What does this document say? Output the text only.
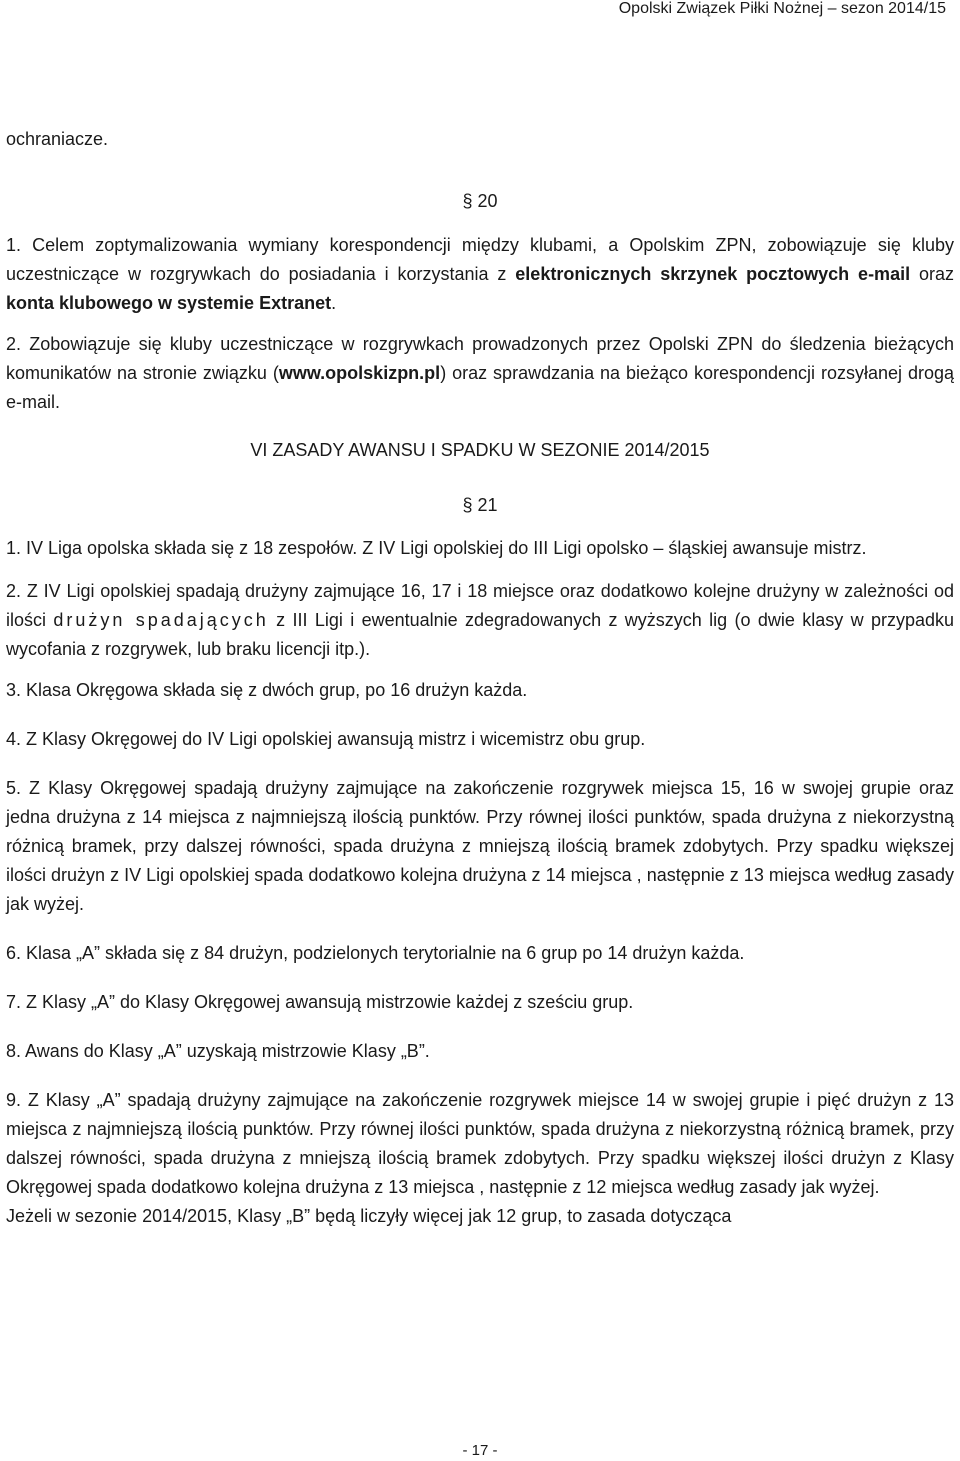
Opolski Związek Piłki Nożnej – sezon 2014/15

ochraniacze.

§ 20

1. Celem zoptymalizowania wymiany korespondencji między klubami, a Opolskim ZPN, zobowiązuje się kluby uczestniczące w rozgrywkach do posiadania i korzystania z elektronicznych skrzynek pocztowych e-mail oraz konta klubowego w systemie Extranet.

2. Zobowiązuje się kluby uczestniczące w rozgrywkach prowadzonych przez Opolski ZPN do śledzenia bieżących komunikatów na stronie związku (www.opolskizpn.pl) oraz sprawdzania na bieżąco korespondencji rozsyłanej drogą e-mail.

VI ZASADY AWANSU I SPADKU W SEZONIE 2014/2015

§ 21

1. IV Liga opolska składa się z 18 zespołów. Z IV Ligi opolskiej do III Ligi opolsko – śląskiej awansuje mistrz.

2. Z IV Ligi opolskiej spadają drużyny zajmujące 16, 17 i 18 miejsce oraz dodatkowo kolejne drużyny w zależności od ilości drużyn spadających z III Ligi i ewentualnie zdegradowanych z wyższych lig (o dwie klasy w przypadku wycofania z rozgrywek, lub braku licencji itp.).

3. Klasa Okręgowa składa się z dwóch grup, po 16 drużyn każda.

4. Z Klasy Okręgowej do IV Ligi opolskiej awansują mistrz i wicemistrz obu grup.

5. Z Klasy Okręgowej spadają drużyny zajmujące na zakończenie rozgrywek miejsca 15, 16 w swojej grupie oraz jedna drużyna z 14 miejsca z najmniejszą ilością punktów. Przy równej ilości punktów, spada drużyna z niekorzystną różnicą bramek, przy dalszej równości, spada drużyna z mniejszą ilością bramek zdobytych. Przy spadku większej ilości drużyn z IV Ligi opolskiej spada dodatkowo kolejna drużyna z 14 miejsca , następnie z 13 miejsca według zasady jak wyżej.

6. Klasa „A” składa się z 84 drużyn, podzielonych terytorialnie na 6 grup po 14 drużyn każda.

7. Z Klasy „A” do Klasy Okręgowej awansują mistrzowie każdej z sześciu grup.

8. Awans do Klasy „A” uzyskają mistrzowie Klasy „B”.

9. Z Klasy „A” spadają drużyny zajmujące na zakończenie rozgrywek miejsce 14 w swojej grupie i pięć drużyn z 13 miejsca z najmniejszą ilością punktów. Przy równej ilości punktów, spada drużyna z niekorzystną różnicą bramek, przy dalszej równości, spada drużyna z mniejszą ilością bramek zdobytych. Przy spadku większej ilości drużyn z Klasy Okręgowej spada dodatkowo kolejna drużyna z 13 miejsca , następnie z 12 miejsca według zasady jak wyżej.

Jeżeli w sezonie 2014/2015, Klasy „B” będą liczyły więcej jak 12 grup, to zasada dotycząca

- 17 -
